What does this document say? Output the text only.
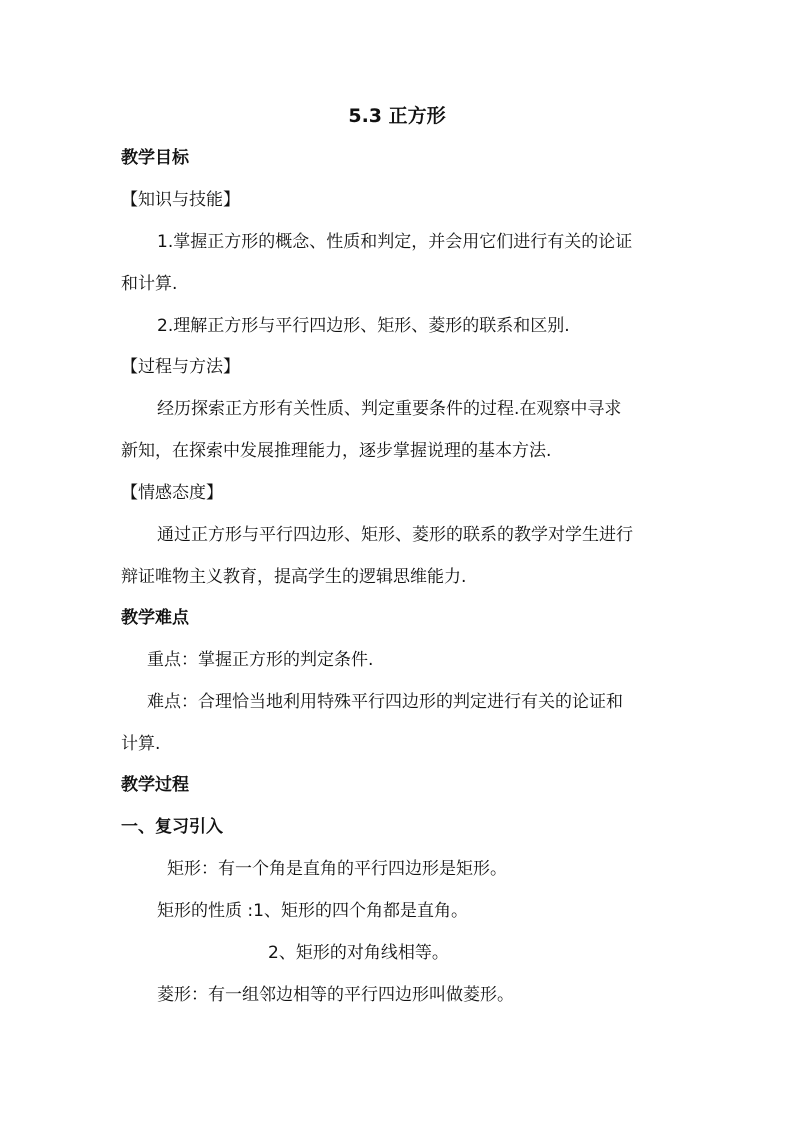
5.3 正方形
教学目标
【知识与技能】
1.掌握正方形的概念、性质和判定，并会用它们进行有关的论证
和计算.
2.理解正方形与平行四边形、矩形、菱形的联系和区别.
【过程与方法】
经历探索正方形有关性质、判定重要条件的过程.在观察中寻求
新知，在探索中发展推理能力，逐步掌握说理的基本方法.
【情感态度】
通过正方形与平行四边形、矩形、菱形的联系的教学对学生进行
辩证唯物主义教育，提高学生的逻辑思维能力.
教学难点
重点：掌握正方形的判定条件.
难点：合理恰当地利用特殊平行四边形的判定进行有关的论证和
计算.
教学过程
一、复习引入
矩形：有一个角是直角的平行四边形是矩形。
矩形的性质 :1、矩形的四个角都是直角。
2、矩形的对角线相等。
菱形：有一组邻边相等的平行四边形叫做菱形。
